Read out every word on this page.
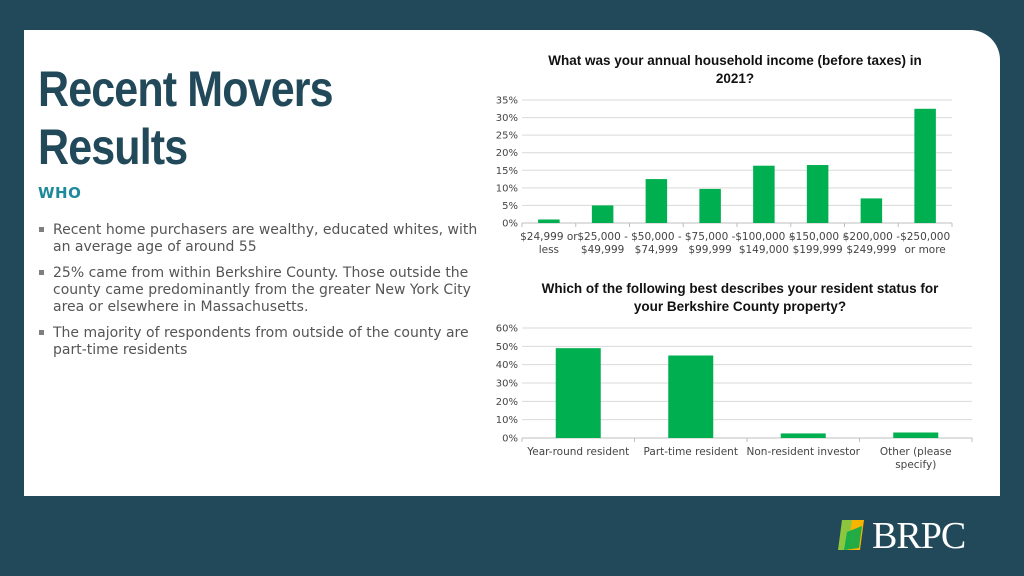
Recent Movers Results
WHO
Recent home purchasers are wealthy, educated whites, with an average age of around 55
25% came from within Berkshire County. Those outside the county came predominantly from the greater New York City area or elsewhere in Massachusetts.
The majority of respondents from outside of the county are part-time residents
What was your annual household income (before taxes) in 2021?
0%
5%
10%
15%
20%
25%
30%
35%
$24,999 or
less
$25,000 -
$49,999
$50,000 -
$74,999
$75,000 -
$99,999
$100,000 -
$149,000
$150,000 -
$199,999
$200,000 -
$249,999
$250,000
or more
Which of the following best describes your resident status for your Berkshire County property?
0%
10%
20%
30%
40%
50%
60%
Year-round resident Part-time resident Non-resident investor Other (please
specify)
BRPC
